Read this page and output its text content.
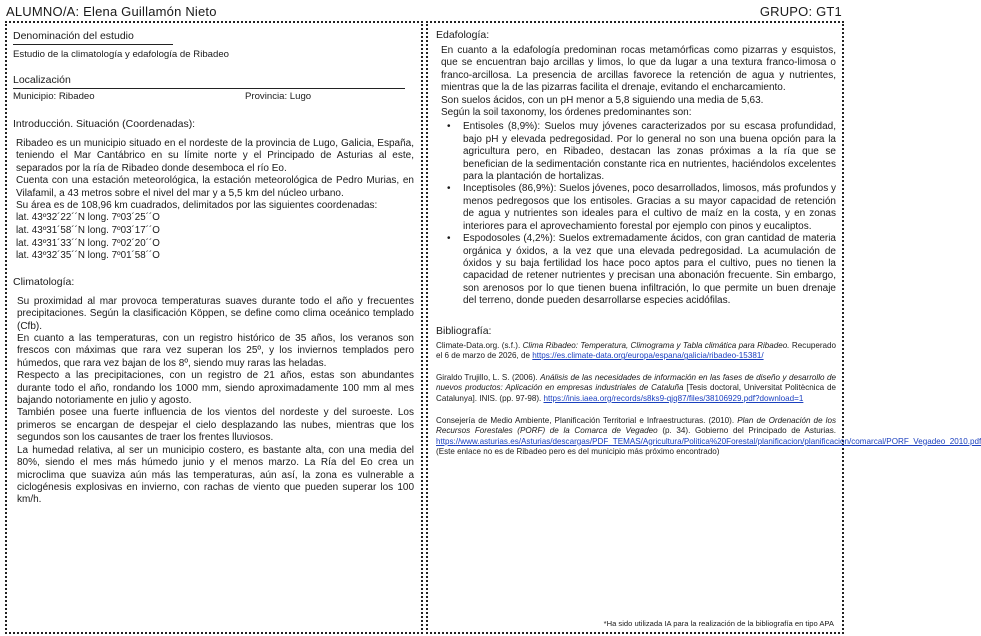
ALUMNO/A: Elena Guillamón Nieto	GRUPO: GT1
Denominación del estudio
Estudio de la climatología y edafología de Ribadeo
Localización
Municipio: Ribadeo	Provincia: Lugo
Introducción. Situación (Coordenadas):

Ribadeo es un municipio situado en el nordeste de la provincia de Lugo, Galicia, España, teniendo el Mar Cantábrico en su límite norte y el Principado de Asturias al este, separados por la ría de Ribadeo donde desemboca el río Eo.

Cuenta con una estación meteorológica, la estación meteorológica de Pedro Murias, en Vilafamil, a 43 metros sobre el nivel del mar y a 5,5 km del núcleo urbano.

Su área es de 108,96 km cuadrados, delimitados por las siguientes coordenadas:

lat. 43º32´22´´N long. 7º03´25´´O
lat. 43º31´58´´N long. 7º03´17´´O
lat. 43º31´33´´N long. 7º02´20´´O
lat. 43º32´35´´N long. 7º01´58´´O
Climatología:

Su proximidad al mar provoca temperaturas suaves durante todo el año y frecuentes precipitaciones. Según la clasificación Köppen, se define como clima oceánico templado (Cfb).

En cuanto a las temperaturas, con un registro histórico de 35 años, los veranos son frescos con máximas que rara vez superan los 25º, y los inviernos templados pero húmedos, que rara vez bajan de los 8º, siendo muy raras las heladas.

Respecto a las precipitaciones, con un registro de 21 años, estas son abundantes durante todo el año, rondando los 1000 mm, siendo aproximadamente 100 mm al mes bajando notoriamente en julio y agosto.

También posee una fuerte influencia de los vientos del nordeste y del suroeste. Los primeros se encargan de despejar el cielo desplazando las nubes, mientras que los segundos son los causantes de traer los frentes lluviosos.

La humedad relativa, al ser un municipio costero, es bastante alta, con una media del 80%, siendo el mes más húmedo junio y el menos marzo. La Ría del Eo crea un microclima que suaviza aún más las temperaturas, aún así, la zona es vulnerable a ciclogénesis explosivas en invierno, con rachas de viento que pueden superar los 100 km/h.

Edafología:

En cuanto a la edafología predominan rocas metamórficas como pizarras y esquistos, que se encuentran bajo arcillas y limos, lo que da lugar a una textura franco-limosa o franco-arcillosa. La presencia de arcillas favorece la retención de agua y nutrientes, mientras que la de las pizarras facilita el drenaje, evitando el encharcamiento.

Son suelos ácidos, con un pH menor a 5,8 siguiendo una media de 5,63.

Según la soil taxonomy, los órdenes predominantes son:

• Entisoles (8,9%): Suelos muy jóvenes caracterizados por su escasa profundidad, bajo pH y elevada pedregosidad. Por lo general no son una buena opción para la agricultura pero, en Ribadeo, destacan las zonas próximas a la ría que se benefician de la sedimentación constante rica en nutrientes, haciéndolos excelentes para la plantación de hortalizas.

• Inceptisoles (86,9%): Suelos jóvenes, poco desarrollados, limosos, más profundos y menos pedregosos que los entisoles. Gracias a su mayor capacidad de retención de agua y nutrientes son ideales para el cultivo de maíz en la costa, y en zonas interiores para el aprovechamiento forestal por ejemplo con pinos y eucaliptos.

• Espodosoles (4,2%): Suelos extremadamente ácidos, con gran cantidad de materia orgánica y óxidos, a la vez que una elevada pedregosidad. La acumulación de óxidos y su baja fertilidad los hace poco aptos para el cultivo, pues no tienen la capacidad de retener nutrientes y precisan una abonación frecuente. Sin embargo, son arenosos por lo que tienen buena infiltración, lo que permite un buen drenaje del terreno, donde pueden desarrollarse especies acidófilas.

Bibliografía:
Climate-Data.org. (s.f.). Clima Ribadeo: Temperatura, Climograma y Tabla climática para Ribadeo. Recuperado el 6 de marzo de 2026, de https://es.climate-data.org/europa/espana/galicia/ribadeo-15381/
Giraldo Trujillo, L. S. (2006). Análisis de las necesidades de información en las fases de diseño y desarrollo de nuevos productos: Aplicación en empresas industriales de Cataluña [Tesis doctoral, Universitat Politècnica de Catalunya]. INIS. (pp. 97-98). https://inis.iaea.org/records/s8ks9-qjq87/files/38106929.pdf?download=1
Consejería de Medio Ambiente, Planificación Territorial e Infraestructuras. (2010). Plan de Ordenación de los Recursos Forestales (PORF) de la Comarca de Vegadeo (p. 34). Gobierno del Principado de Asturias. https://www.asturias.es/Asturias/descargas/PDF_TEMAS/Agricultura/Politica%20Forestal/planificacion/planificacion/comarcal/PORF_Vegadeo_2010.pdf
(Este enlace no es de Ribadeo pero es del municipio más próximo encontrado)
*Ha sido utilizada IA para la realización de la bibliografía en tipo APA
